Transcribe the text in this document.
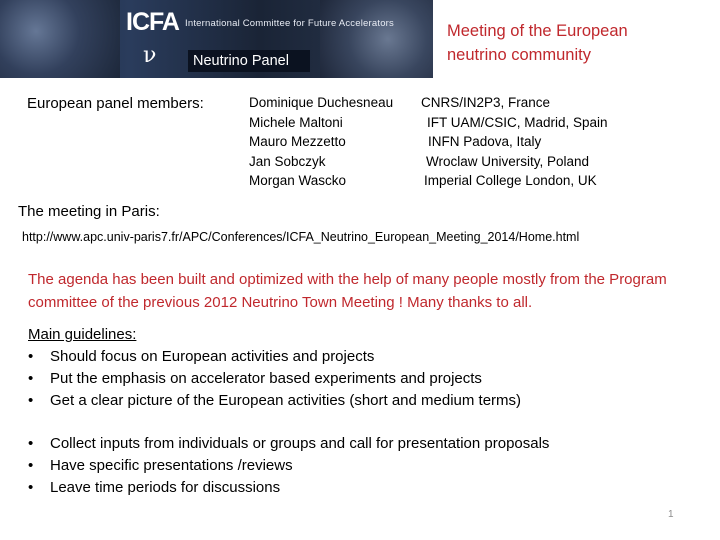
ICFA International Committee for Future Accelerators
ν	Neutrino Panel
Meeting of the European
neutrino community
European panel members:	Dominique Duchesneau CNRS/IN2P3, France
Michele Maltoni	IFT UAM/CSIC, Madrid, Spain
Mauro Mezzetto	INFN Padova, Italy
Jan Sobczyk	Wroclaw University, Poland
Morgan Wascko	Imperial College London, UK
The meeting in Paris:
http://www.apc.univ-paris7.fr/APC/Conferences/ICFA_Neutrino_European_Meeting_2014/Home.html
The agenda has been built and optimized with the help of many people mostly from the Program committee of the previous 2012 Neutrino Town Meeting ! Many thanks to all.
Main guidelines:
• Should focus on European activities and projects
• Put the emphasis on accelerator based experiments and projects
• Get a clear picture of the European activities (short and medium terms)
• Collect inputs from individuals or groups and call for presentation proposals
• Have specific presentations /reviews
• Leave time periods for discussions
1
